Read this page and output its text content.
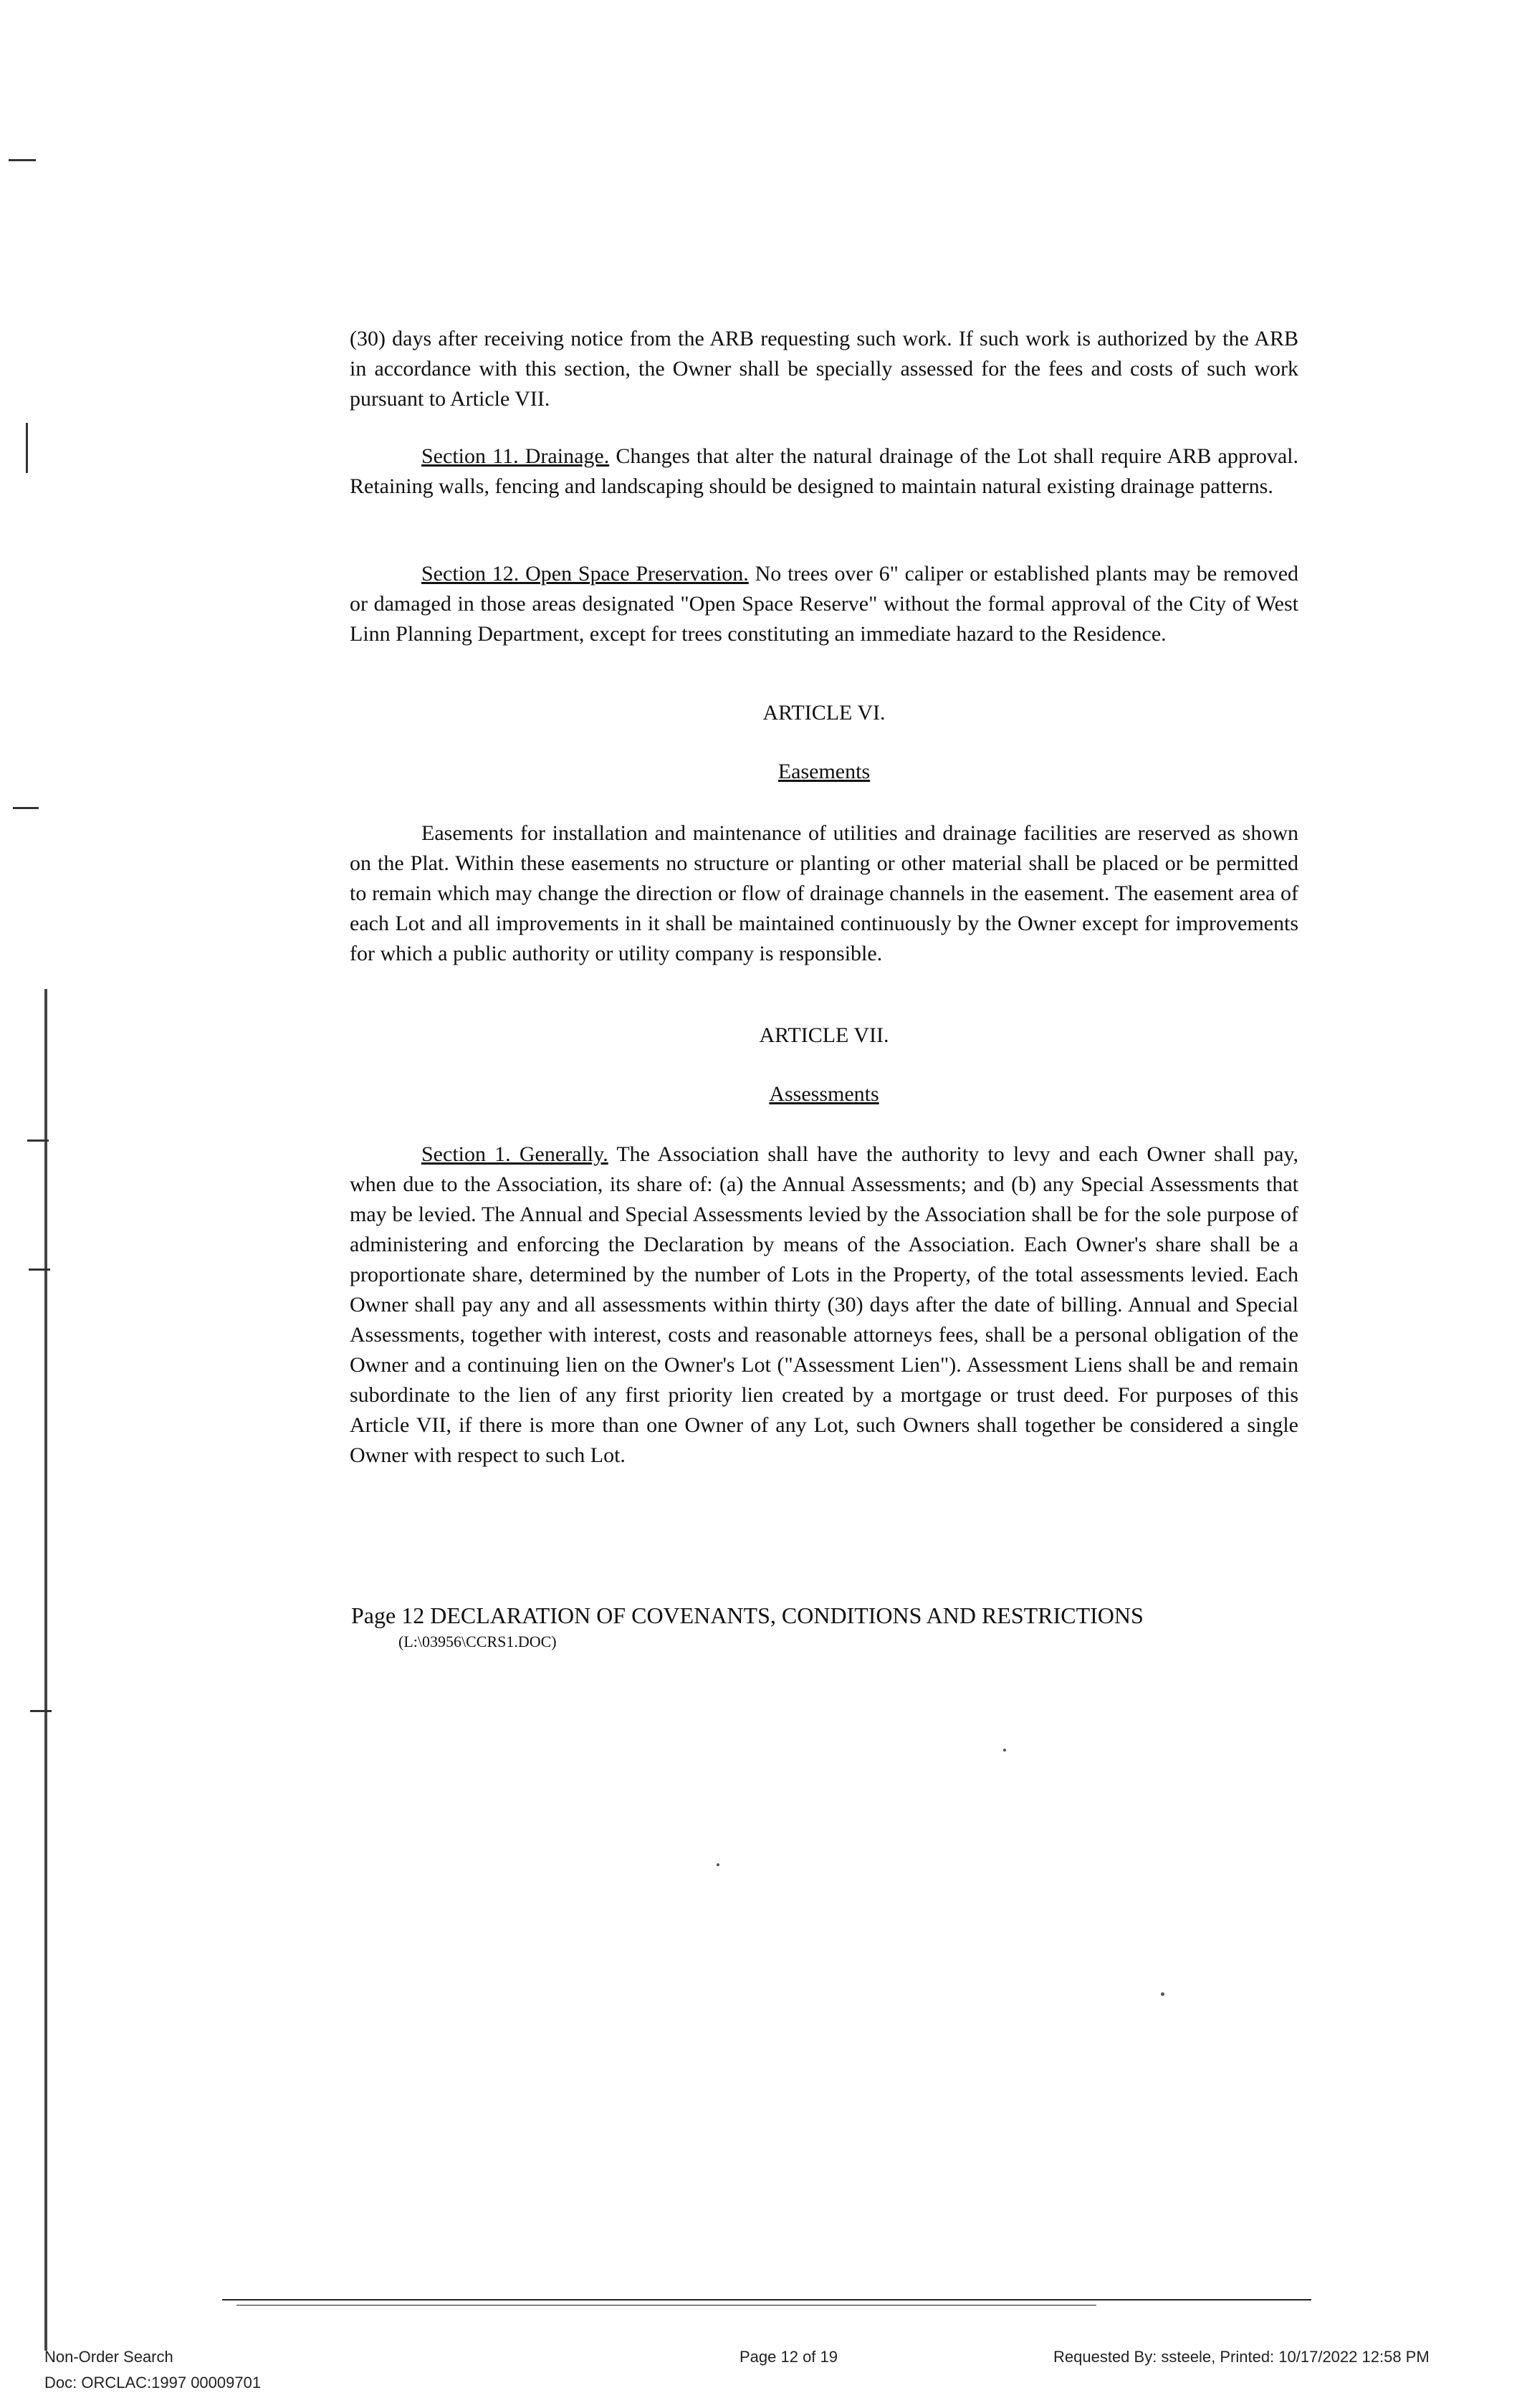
(30) days after receiving notice from the ARB requesting such work. If such work is authorized by the ARB in accordance with this section, the Owner shall be specially assessed for the fees and costs of such work pursuant to Article VII.

Section 11. Drainage. Changes that alter the natural drainage of the Lot shall require ARB approval. Retaining walls, fencing and landscaping should be designed to maintain natural existing drainage patterns.

Section 12. Open Space Preservation. No trees over 6" caliper or established plants may be removed or damaged in those areas designated "Open Space Reserve" without the formal approval of the City of West Linn Planning Department, except for trees constituting an immediate hazard to the Residence.

ARTICLE VI.

Easements

Easements for installation and maintenance of utilities and drainage facilities are reserved as shown on the Plat. Within these easements no structure or planting or other material shall be placed or be permitted to remain which may change the direction or flow of drainage channels in the easement. The easement area of each Lot and all improvements in it shall be maintained continuously by the Owner except for improvements for which a public authority or utility company is responsible.

ARTICLE VII.

Assessments

Section 1. Generally. The Association shall have the authority to levy and each Owner shall pay, when due to the Association, its share of: (a) the Annual Assessments; and (b) any Special Assessments that may be levied. The Annual and Special Assessments levied by the Association shall be for the sole purpose of administering and enforcing the Declaration by means of the Association. Each Owner's share shall be a proportionate share, determined by the number of Lots in the Property, of the total assessments levied. Each Owner shall pay any and all assessments within thirty (30) days after the date of billing. Annual and Special Assessments, together with interest, costs and reasonable attorneys fees, shall be a personal obligation of the Owner and a continuing lien on the Owner's Lot ("Assessment Lien"). Assessment Liens shall be and remain subordinate to the lien of any first priority lien created by a mortgage or trust deed. For purposes of this Article VII, if there is more than one Owner of any Lot, such Owners shall together be considered a single Owner with respect to such Lot.

Page 12 DECLARATION OF COVENANTS, CONDITIONS AND RESTRICTIONS
(L:\03956\CCRS1.DOC)
Non-Order Search
Doc: ORCLAC:1997 00009701
Page 12 of 19	Requested By: ssteele, Printed: 10/17/2022 12:58 PM
